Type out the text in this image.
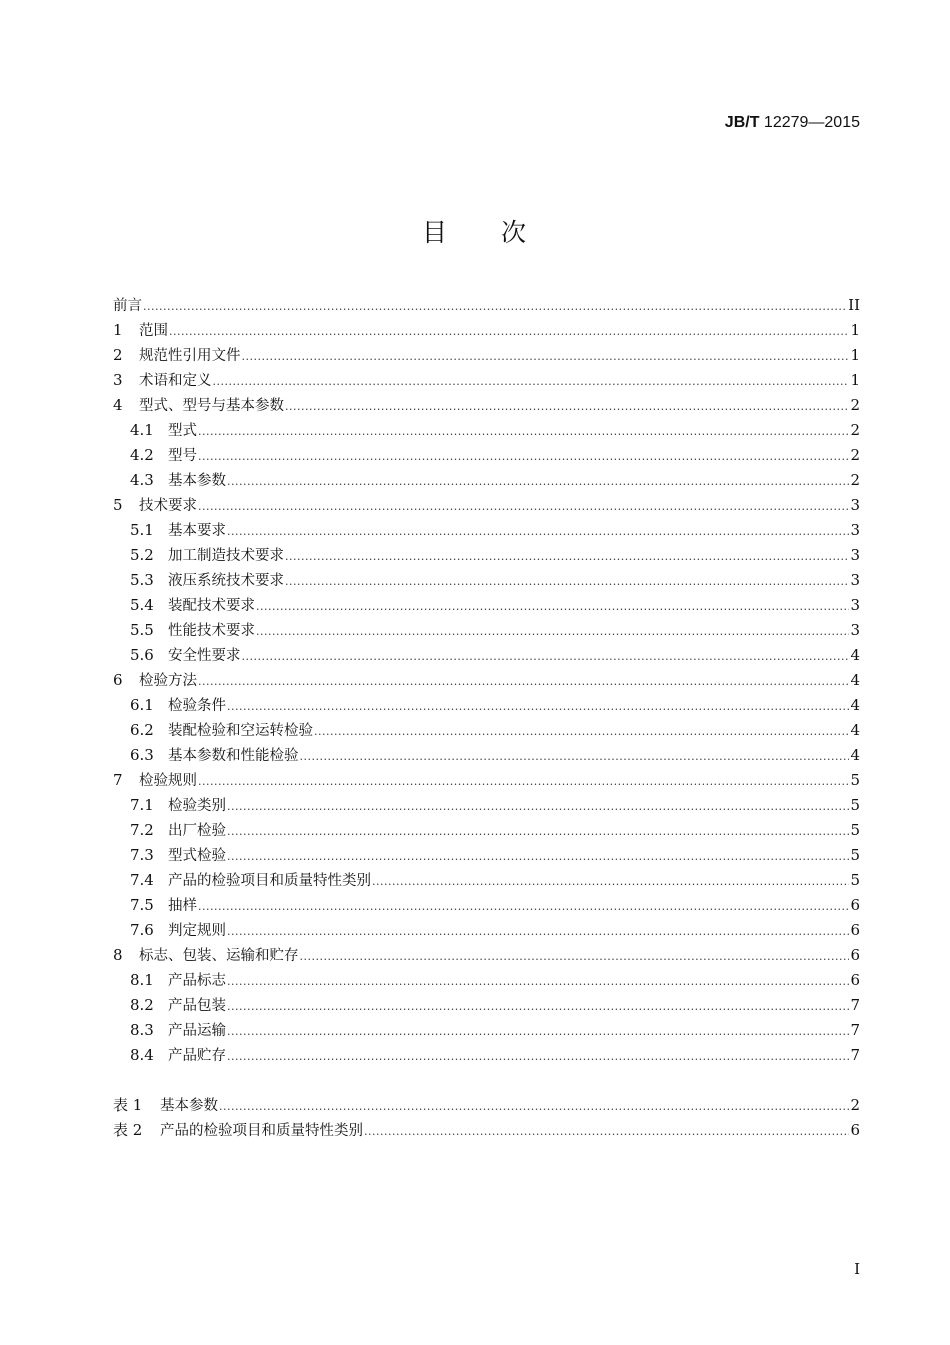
JB/T 12279—2015
目 次
前言 .....	II
1	范围 .....	1
2	规范性引用文件 .....	1
3	术语和定义 .....	1
4	型式、型号与基本参数 .....	2
4.1 型式 .....	2
4.2 型号 .....	2
4.3 基本参数 .....	2
5	技术要求 .....	3
5.1 基本要求 .....	3
5.2 加工制造技术要求 .....	3
5.3 液压系统技术要求 .....	3
5.4 装配技术要求 .....	3
5.5 性能技术要求 .....	3
5.6 安全性要求 .....	4
6	检验方法 .....	4
6.1 检验条件 .....	4
6.2 装配检验和空运转检验 .....	4
6.3 基本参数和性能检验 .....	4
7	检验规则 .....	5
7.1 检验类别 .....	5
7.2 出厂检验 .....	5
7.3 型式检验 .....	5
7.4 产品的检验项目和质量特性类别 .....	5
7.5 抽样 .....	6
7.6 判定规则 .....	6
8	标志、包装、运输和贮存 .....	6
8.1 产品标志 .....	6
8.2 产品包装 .....	7
8.3 产品运输 .....	7
8.4 产品贮存 .....	7
表 1	基本参数 .....	2
表 2	产品的检验项目和质量特性类别 .....	6
I
